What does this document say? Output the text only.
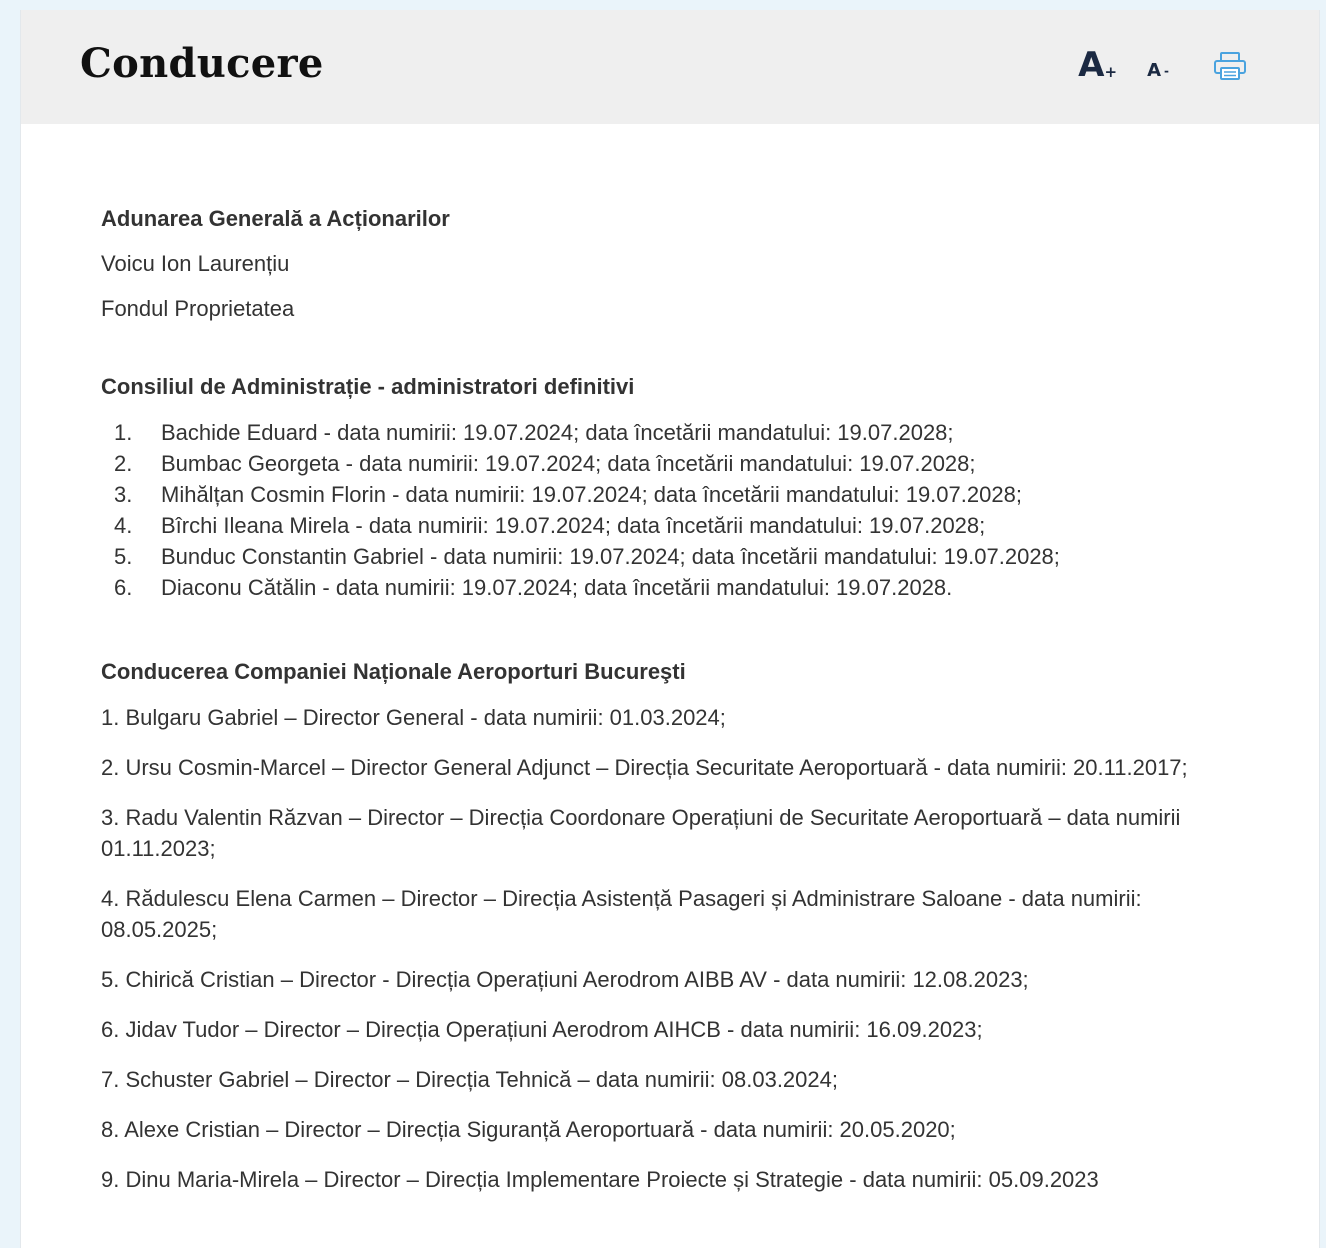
Conducere	A+ A -

Adunarea Generală a Acționarilor

Voicu Ion Laurențiu

Fondul Proprietatea

Consiliul de Administrație - administratori definitivi

1.	Bachide Eduard - data numirii: 19.07.2024; data încetării mandatului: 19.07.2028;
2.	Bumbac Georgeta - data numirii: 19.07.2024; data încetării mandatului: 19.07.2028;
3.	Mihălțan Cosmin Florin - data numirii: 19.07.2024; data încetării mandatului: 19.07.2028;
4.	Bîrchi Ileana Mirela - data numirii: 19.07.2024; data încetării mandatului: 19.07.2028;
5.	Bunduc Constantin Gabriel - data numirii: 19.07.2024; data încetării mandatului: 19.07.2028;
6.	Diaconu Cătălin - data numirii: 19.07.2024; data încetării mandatului: 19.07.2028.

Conducerea Companiei Naționale Aeroporturi Bucureşti

1. Bulgaru Gabriel – Director General - data numirii: 01.03.2024;
2. Ursu Cosmin-Marcel – Director General Adjunct – Direcția Securitate Aeroportuară - data numirii: 20.11.2017;
3. Radu Valentin Răzvan – Director – Direcția Coordonare Operațiuni de Securitate Aeroportuară – data numirii 01.11.2023;
4. Rădulescu Elena Carmen – Director – Direcția Asistență Pasageri și Administrare Saloane - data numirii: 08.05.2025;
5. Chirică Cristian – Director - Direcția Operațiuni Aerodrom AIBB AV - data numirii: 12.08.2023;
6. Jidav Tudor – Director – Direcția Operațiuni Aerodrom AIHCB - data numirii: 16.09.2023;
7. Schuster Gabriel – Director – Direcția Tehnică – data numirii: 08.03.2024;
8. Alexe Cristian – Director – Direcția Siguranță Aeroportuară - data numirii: 20.05.2020;
9. Dinu Maria-Mirela – Director – Direcția Implementare Proiecte și Strategie - data numirii: 05.09.2023
